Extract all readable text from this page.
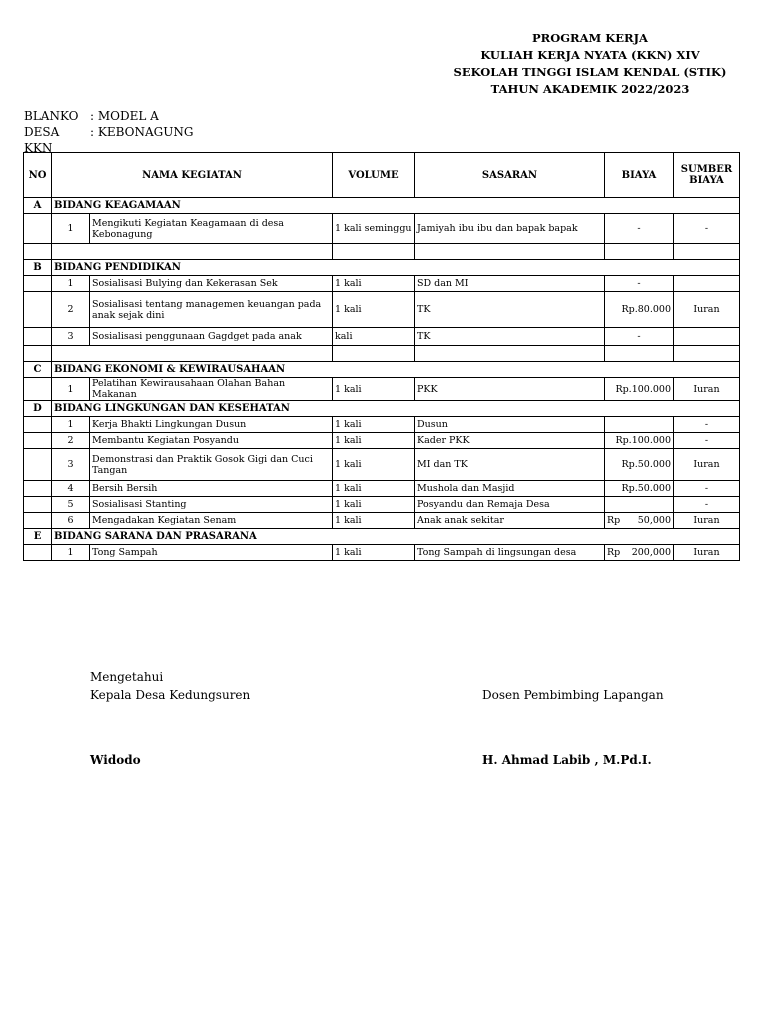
PROGRAM KERJA
KULIAH KERJA NYATA (KKN) XIV
SEKOLAH TINGGI ISLAM KENDAL (STIK)
TAHUN AKADEMIK 2022/2023
BLANKO : MODEL A
DESA KKN
: KEBONAGUNG
NO	NAMA KEGIATAN		VOLUME	SASARAN	BIAYA	SUMBER BIAYA
A	BIDANG KEAGAMAAN					
	1	Mengikuti Kegiatan Keagamaan di desa Kebonagung	1 kali seminggu	Jamiyah ibu ibu dan bapak bapak	-	-

B	BIDANG PENDIDIKAN					
	1	Sosialisasi Bulying dan Kekerasan Sek	1 kali	SD dan MI	-	
	2	Sosialisasi tentang managemen keuangan pada anak sejak dini	1 kali	TK	Rp.80.000	Iuran
	3	Sosialisasi penggunaan Gagdget pada anak	kali	TK	-	

C	BIDANG EKONOMI & KEWIRAUSAHAAN					
	1	Pelatihan Kewirausahaan Olahan Bahan Makanan	1 kali	PKK	Rp.100.000	Iuran
D	BIDANG LINGKUNGAN DAN KESEHATAN					
	1	Kerja Bhakti Lingkungan Dusun	1 kali	Dusun		-
	2	Membantu Kegiatan Posyandu	1 kali	Kader PKK	Rp.100.000	-
	3	Demonstrasi dan Praktik Gosok Gigi dan Cuci Tangan	1 kali	MI dan TK	Rp.50.000	Iuran
	4	Bersih Bersih	1 kali	Mushola dan Masjid	Rp.50.000	-
	5	Sosialisasi Stanting	1 kali	Posyandu dan Remaja Desa		-
	6	Mengadakan Kegiatan Senam	1 kali	Anak anak sekitar	Rp 50,000	Iuran
E	BIDANG SARANA DAN PRASARANA					
	1	Tong Sampah	1 kali	Tong Sampah di lingsungan desa	Rp 200,000	Iuran
Mengetahui
Kepala Desa Kedungsuren	Dosen Pembimbing Lapangan
Widodo	H. Ahmad Labib , M.Pd.I.
